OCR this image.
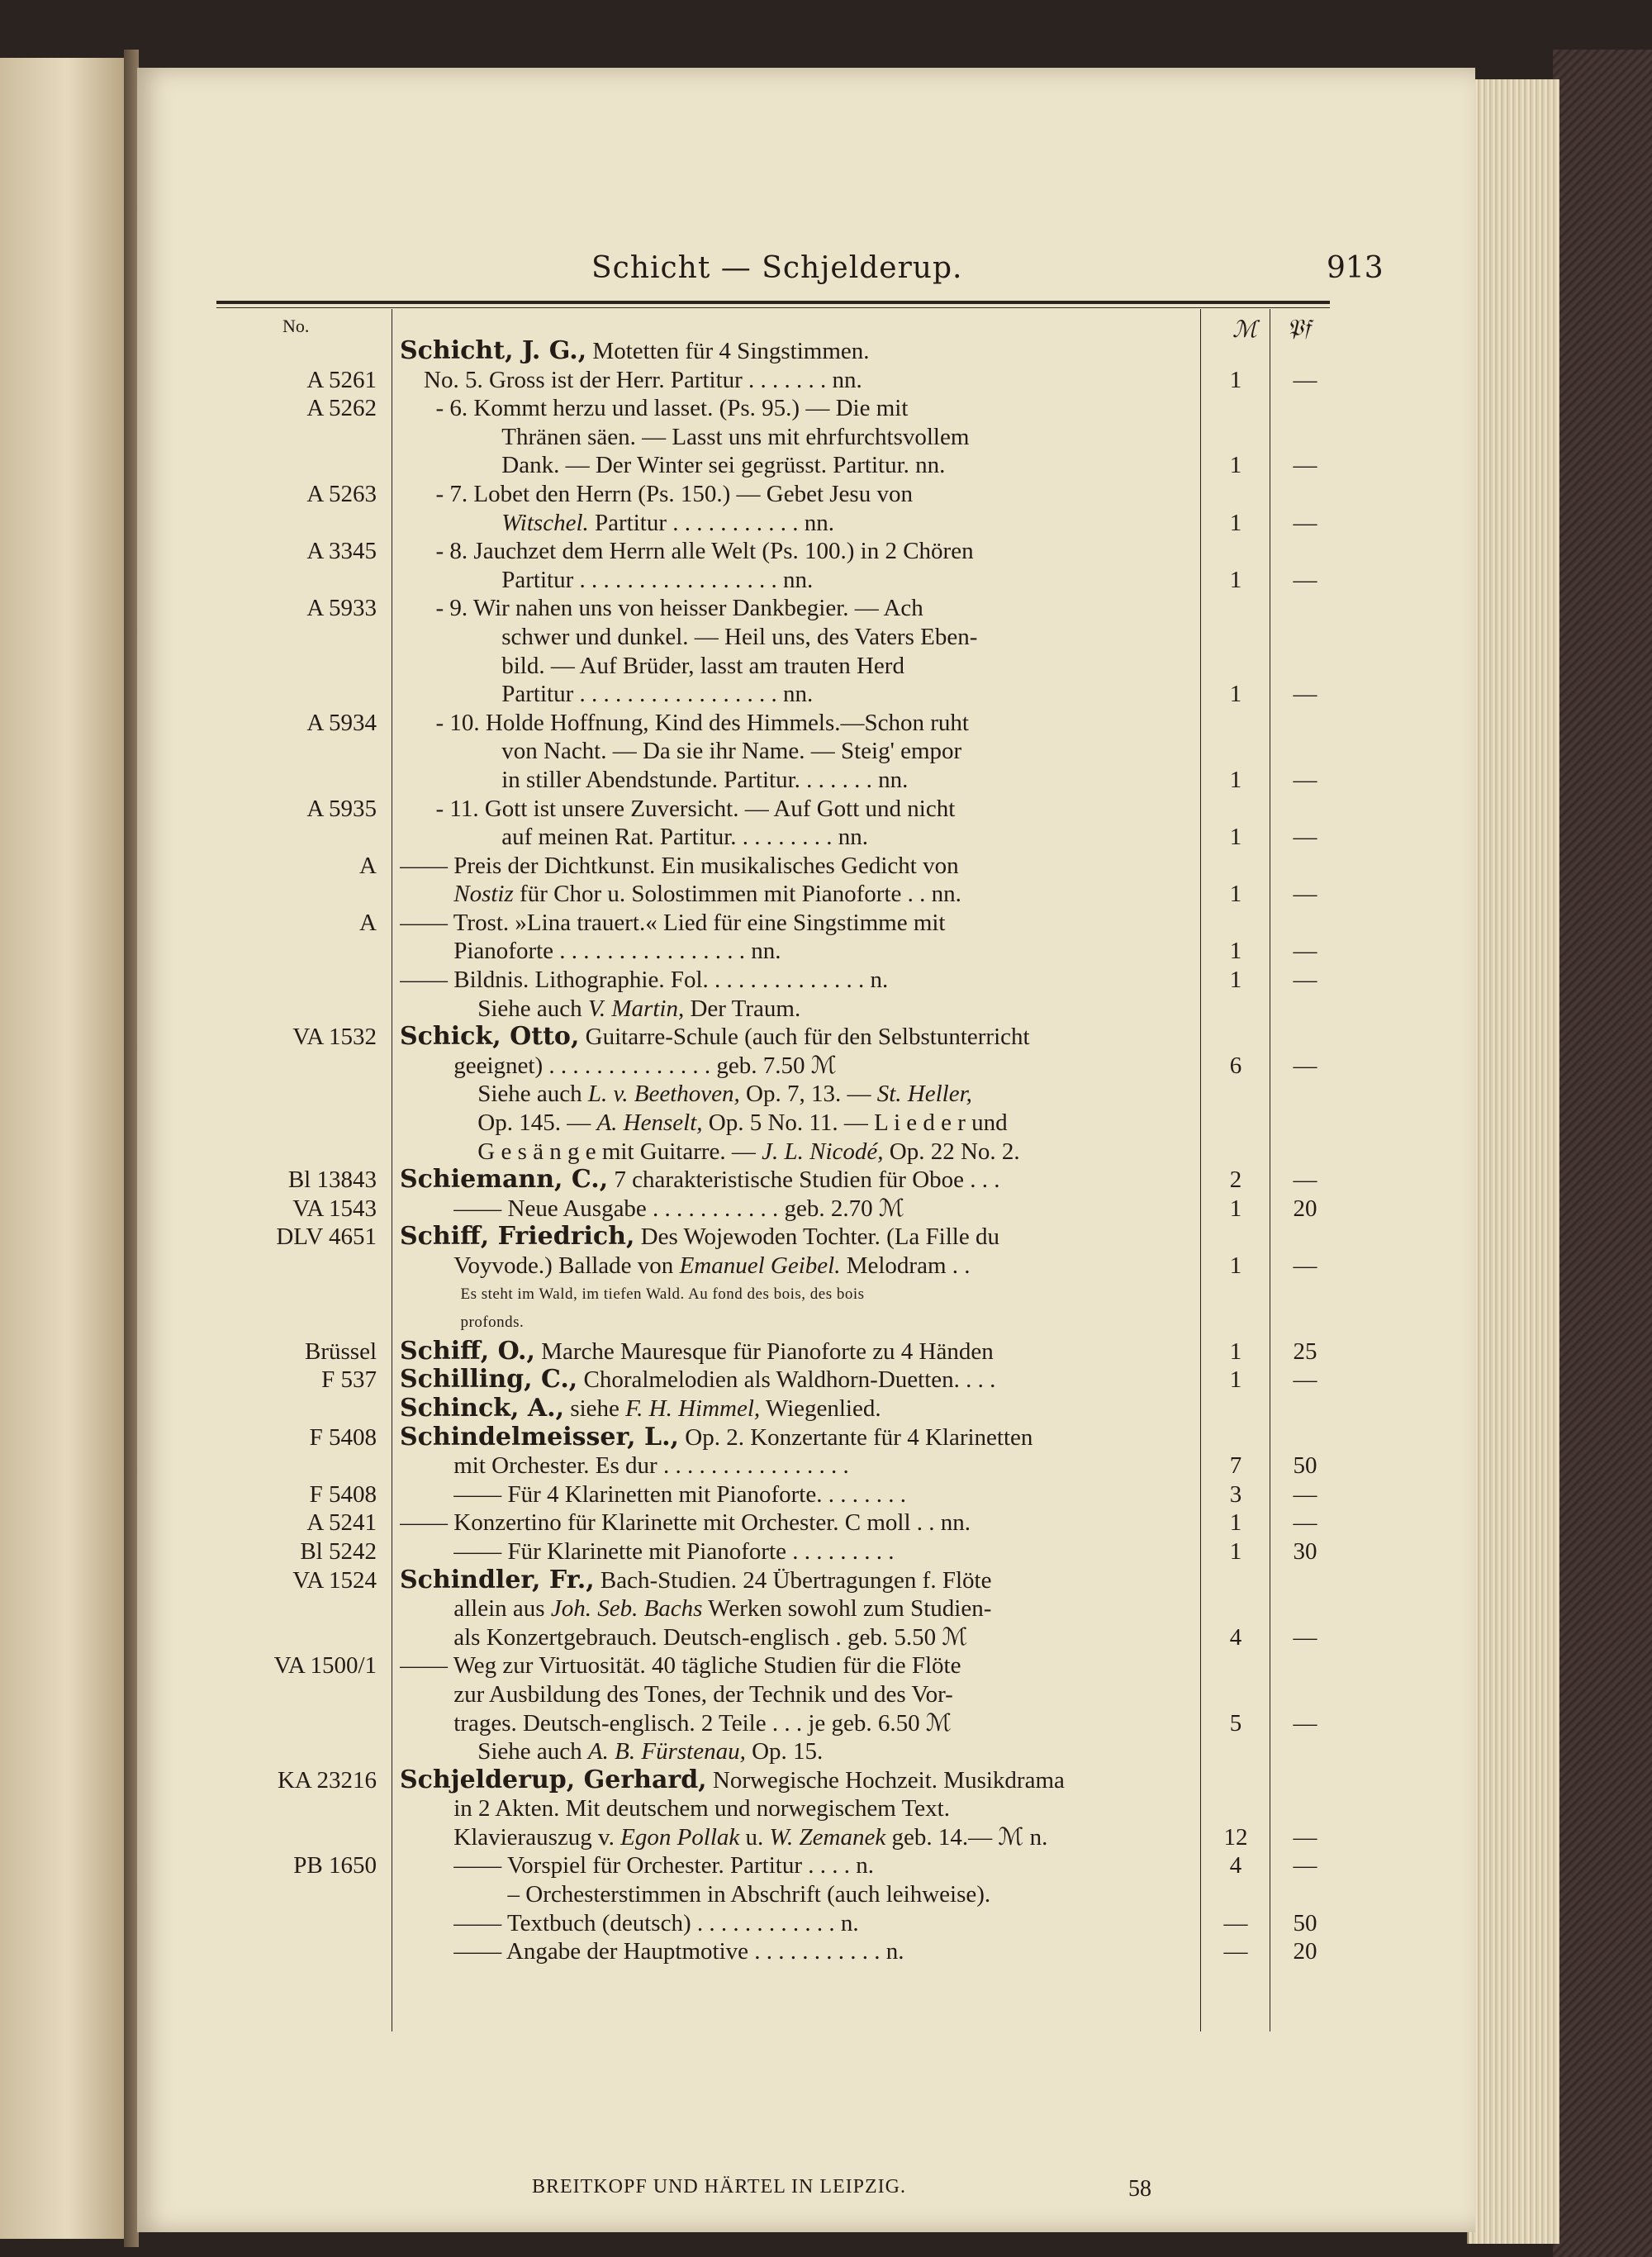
Schicht — Schjelderup.	913
No.	ℳ 𝔓𝔣
Schicht, J. G., Motetten für 4 Singstimmen.
A 5261 No. 5. Gross ist der Herr. Partitur . . . . . . . nn.	1	—
A 5262 - 6. Kommt herzu und lasset. (Ps. 95.) — Die mit
Thränen säen. — Lasst uns mit ehrfurchtsvollem
Dank. — Der Winter sei gegrüsst. Partitur. nn.	1	—
A 5263 - 7. Lobet den Herrn (Ps. 150.) — Gebet Jesu von
Witschel. Partitur . . . . . . . . . . . nn.	1	—
A 3345 - 8. Jauchzet dem Herrn alle Welt (Ps. 100.) in 2 Chören
Partitur . . . . . . . . . . . . . . . . . nn.	1	—
A 5933 - 9. Wir nahen uns von heisser Dankbegier. — Ach
schwer und dunkel. — Heil uns, des Vaters Eben-
bild. — Auf Brüder, lasst am trauten Herd
Partitur . . . . . . . . . . . . . . . . . nn.	1	—
A 5934 - 10. Holde Hoffnung, Kind des Himmels.—Schon ruht
von Nacht. — Da sie ihr Name. — Steig' empor
in stiller Abendstunde. Partitur. . . . . . . nn.	1	—
A 5935 - 11. Gott ist unsere Zuversicht. — Auf Gott und nicht
auf meinen Rat. Partitur. . . . . . . . . nn.	1	—
A —— Preis der Dichtkunst. Ein musikalisches Gedicht von
Nostiz für Chor u. Solostimmen mit Pianoforte . . nn.	1	—
A —— Trost. »Lina trauert.« Lied für eine Singstimme mit
Pianoforte . . . . . . . . . . . . . . . . nn.	1	—
—— Bildnis. Lithographie. Fol. . . . . . . . . . . . . . n.	1	—
Siehe auch V. Martin, Der Traum.
VA 1532 Schick, Otto, Guitarre-Schule (auch für den Selbstunterricht
geeignet) . . . . . . . . . . . . . . geb. 7.50 ℳ	6	—
Siehe auch L. v. Beethoven, Op. 7, 13. — St. Heller,
Op. 145. — A. Henselt, Op. 5 No. 11. — L i e d e r und
G e s ä n g e mit Guitarre. — J. L. Nicodé, Op. 22 No. 2.
Bl 13843 Schiemann, C., 7 charakteristische Studien für Oboe . . .	2	—
VA 1543 —— Neue Ausgabe . . . . . . . . . . . geb. 2.70 ℳ	1	20
DLV 4651 Schiff, Friedrich, Des Wojewoden Tochter. (La Fille du
Voyvode.) Ballade von Emanuel Geibel. Melodram . .	1	—
Es steht im Wald, im tiefen Wald. Au fond des bois, des bois
profonds.
Brüssel Schiff, O., Marche Mauresque für Pianoforte zu 4 Händen	1	25
F 537 Schilling, C., Choralmelodien als Waldhorn-Duetten. . . .	1	—
Schinck, A., siehe F. H. Himmel, Wiegenlied.
F 5408 Schindelmeisser, L., Op. 2. Konzertante für 4 Klarinetten
mit Orchester. Es dur . . . . . . . . . . . . . . . .	7	50
F 5408 —— Für 4 Klarinetten mit Pianoforte. . . . . . . .	3	—
A 5241 —— Konzertino für Klarinette mit Orchester. C moll . . nn.	1	—
Bl 5242 —— Für Klarinette mit Pianoforte . . . . . . . . .	1	30
VA 1524 Schindler, Fr., Bach-Studien. 24 Übertragungen f. Flöte
allein aus Joh. Seb. Bachs Werken sowohl zum Studien-
als Konzertgebrauch. Deutsch-englisch . geb. 5.50 ℳ	4	—
VA 1500/1 —— Weg zur Virtuosität. 40 tägliche Studien für die Flöte
zur Ausbildung des Tones, der Technik und des Vor-
trages. Deutsch-englisch. 2 Teile . . . je geb. 6.50 ℳ	5	—
Siehe auch A. B. Fürstenau, Op. 15.
KA 23216 Schjelderup, Gerhard, Norwegische Hochzeit. Musikdrama
in 2 Akten. Mit deutschem und norwegischem Text.
Klavierauszug v. Egon Pollak u. W. Zemanek geb. 14.— ℳ n.	12	—
PB 1650 —— Vorspiel für Orchester. Partitur . . . . n.	4	—
– Orchesterstimmen in Abschrift (auch leihweise).
—— Textbuch (deutsch) . . . . . . . . . . . . n.	—	50
—— Angabe der Hauptmotive . . . . . . . . . . . n.	—	20
BREITKOPF UND HÄRTEL IN LEIPZIG.	58
